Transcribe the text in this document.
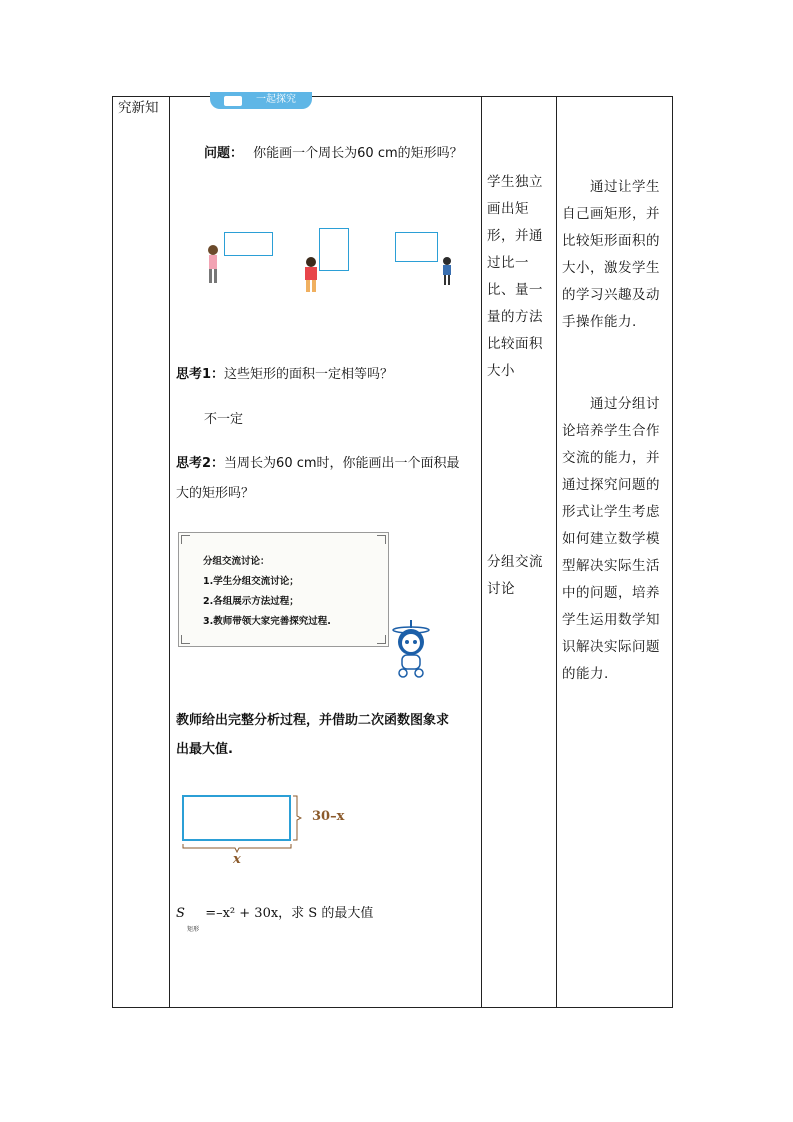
究新知
一起探究
问题： 你能画一个周长为60 cm的矩形吗？
思考1：这些矩形的面积一定相等吗？
不一定
思考2：当周长为60 cm时，你能画出一个面积最
大的矩形吗？
分组交流讨论：
1.学生分组交流讨论；
2.各组展示方法过程；
3.教师带领大家完善探究过程.
教师给出完整分析过程，并借助二次函数图象求
出最大值.
30–x
x
S $_{矩形}$ =–x² + 30x，求 S 的最大值
学生独立
画出矩
形，并通
过比一
比、量一
量的方法
比较面积
大小
分组交流
讨论
　　通过让学生
自己画矩形，并
比较矩形面积的
大小，激发学生
的学习兴趣及动
手操作能力.
　　通过分组讨
论培养学生合作
交流的能力，并
通过探究问题的
形式让学生考虑
如何建立数学模
型解决实际生活
中的问题，培养
学生运用数学知
识解决实际问题
的能力.
